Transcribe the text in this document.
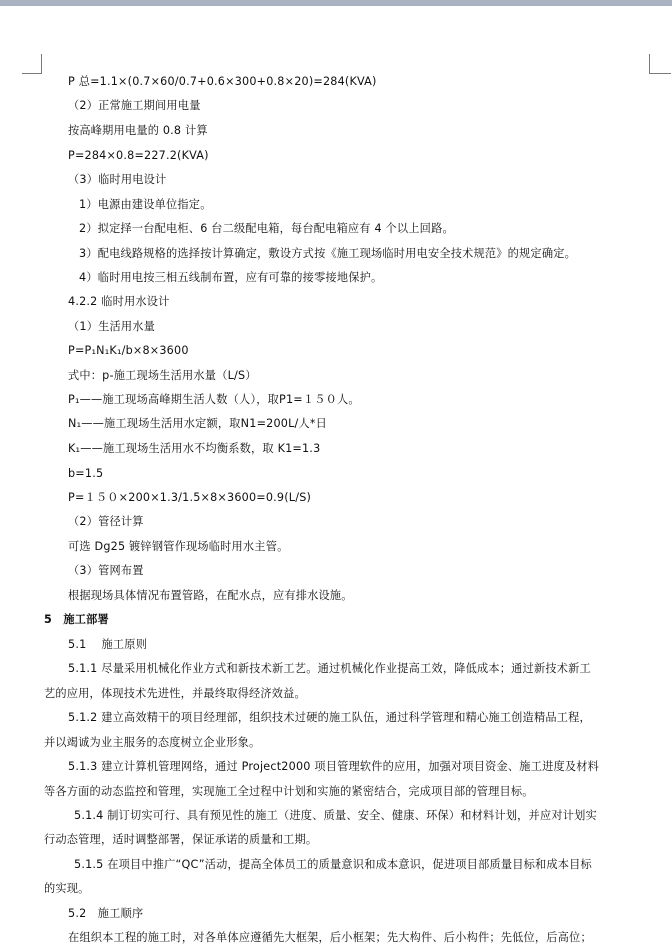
P 总=1.1×(0.7×60/0.7+0.6×300+0.8×20)=284(KVA)
（2）正常施工期间用电量
按高峰期用电量的 0.8 计算
P=284×0.8=227.2(KVA)
（3）临时用电设计
1）电源由建设单位指定。
2）拟定择一台配电柜、6 台二级配电箱，每台配电箱应有 4 个以上回路。
3）配电线路规格的选择按计算确定，敷设方式按《施工现场临时用电安全技术规范》的规定确定。
4）临时用电按三相五线制布置，应有可靠的接零接地保护。
4.2.2 临时用水设计
（1）生活用水量
P=P₁N₁K₁/b×8×3600
式中：p-施工现场生活用水量（L/S）
P₁——施工现场高峰期生活人数（人），取P1=１５０人。
N₁——施工现场生活用水定额，取N1=200L/人*日
K₁——施工现场生活用水不均衡系数，取 K1=1.3
b=1.5
P=１５０×200×1.3/1.5×8×3600=0.9(L/S)
（2）管径计算
可选 Dg25 镀锌钢管作现场临时用水主管。
（3）管网布置
根据现场具体情况布置管路，在配水点，应有排水设施。
5　施工部署
5.1　 施工原则
5.1.1 尽量采用机械化作业方式和新技术新工艺。通过机械化作业提高工效，降低成本；通过新技术新工
艺的应用，体现技术先进性，并最终取得经济效益。
5.1.2 建立高效精干的项目经理部，组织技术过硬的施工队伍，通过科学管理和精心施工创造精品工程，
并以竭诚为业主服务的态度树立企业形象。
5.1.3 建立计算机管理网络，通过 Project2000 项目管理软件的应用，加强对项目资金、施工进度及材料
等各方面的动态监控和管理，实现施工全过程中计划和实施的紧密结合，完成项目部的管理目标。
5.1.4 制订切实可行、具有预见性的施工（进度、质量、安全、健康、环保）和材料计划，并应对计划实
行动态管理，适时调整部署，保证承诺的质量和工期。
5.1.5 在项目中推广“QC”活动，提高全体员工的质量意识和成本意识，促进项目部质量目标和成本目标
的实现。
5.2　施工顺序
在组织本工程的施工时，对各单体应遵循先大框架，后小框架；先大构件、后小构件；先低位，后高位；
